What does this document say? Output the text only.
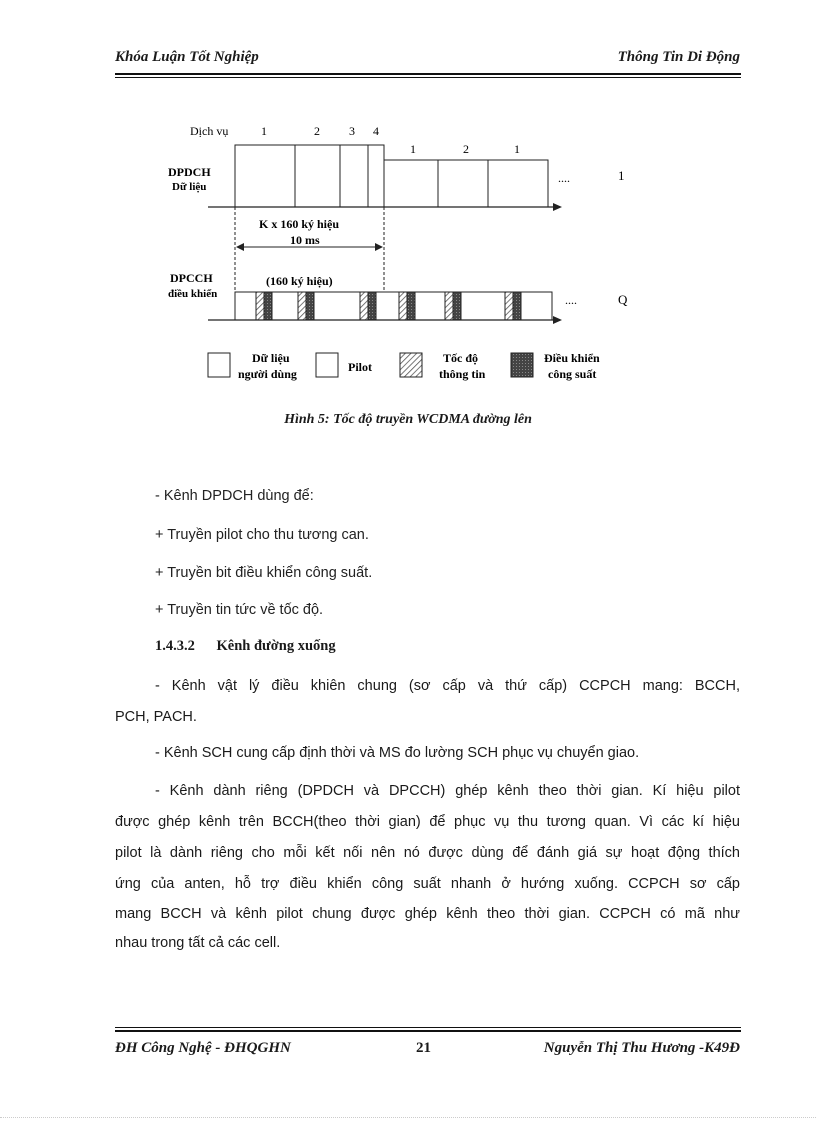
Khóa Luận Tốt Nghiệp	Thông Tin Di Động
Dịch vụ	1	2 3 4
1	2	1
DPDCH
Dữ liệu
....	1
K x 160 ký hiệu
10 ms
DPCCH
điều khiển
(160 ký hiệu)
....	Q
Dữ liệu
người dùng	Pilot
Tốc độ
thông tin
Điều khiển
công suất
Hình 5: Tốc độ truyền WCDMA đường lên
- Kênh DPDCH dùng để:
+ Truyền pilot cho thu tương can.
+ Truyền bit điều khiển công suất.
+ Truyền tin tức về tốc độ.
1.4.3.2 Kênh đường xuống
- Kênh vật lý điều khiên chung (sơ cấp và thứ cấp) CCPCH mang: BCCH,
PCH, PACH.
- Kênh SCH cung cấp định thời và MS đo lường SCH phục vụ chuyển giao.
- Kênh dành riêng (DPDCH và DPCCH) ghép kênh theo thời gian. Kí hiệu pilot
được ghép kênh trên BCCH(theo thời gian) để phục vụ thu tương quan. Vì các kí hiệu
pilot là dành riêng cho mỗi kết nối nên nó được dùng để đánh giá sự hoạt động thích
ứng của anten, hỗ trợ điều khiển công suất nhanh ở hướng xuống. CCPCH sơ cấp
mang BCCH và kênh pilot chung được ghép kênh theo thời gian. CCPCH có mã như
nhau trong tất cả các cell.
ĐH Công Nghệ - ĐHQGHN	21	Nguyễn Thị Thu Hương -K49Đ
